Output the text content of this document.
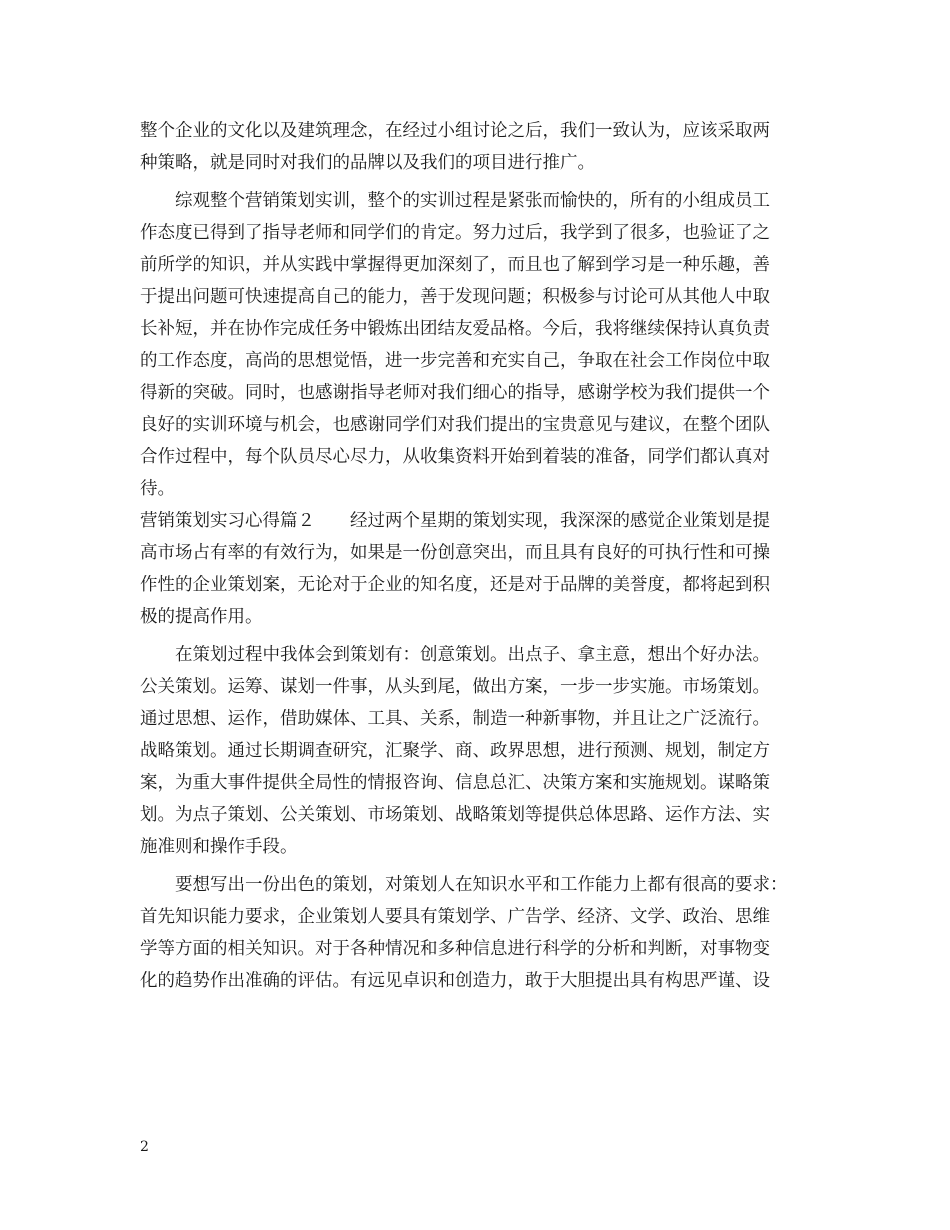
整个企业的文化以及建筑理念，在经过小组讨论之后，我们一致认为，应该采取两
种策略，就是同时对我们的品牌以及我们的项目进行推广。
　　综观整个营销策划实训，整个的实训过程是紧张而愉快的，所有的小组成员工
作态度已得到了指导老师和同学们的肯定。努力过后，我学到了很多，也验证了之
前所学的知识，并从实践中掌握得更加深刻了，而且也了解到学习是一种乐趣，善
于提出问题可快速提高自己的能力，善于发现问题；积极参与讨论可从其他人中取
长补短，并在协作完成任务中锻炼出团结友爱品格。今后，我将继续保持认真负责
的工作态度，高尚的思想觉悟，进一步完善和充实自己，争取在社会工作岗位中取
得新的突破。同时，也感谢指导老师对我们细心的指导，感谢学校为我们提供一个
良好的实训环境与机会，也感谢同学们对我们提出的宝贵意见与建议，在整个团队
合作过程中，每个队员尽心尽力，从收集资料开始到着装的准备，同学们都认真对
待。
营销策划实习心得篇２　　经过两个星期的策划实现，我深深的感觉企业策划是提
高市场占有率的有效行为，如果是一份创意突出，而且具有良好的可执行性和可操
作性的企业策划案，无论对于企业的知名度，还是对于品牌的美誉度，都将起到积
极的提高作用。
　　在策划过程中我体会到策划有：创意策划。出点子、拿主意，想出个好办法。
公关策划。运筹、谋划一件事，从头到尾，做出方案，一步一步实施。市场策划。
通过思想、运作，借助媒体、工具、关系，制造一种新事物，并且让之广泛流行。
战略策划。通过长期调查研究，汇聚学、商、政界思想，进行预测、规划，制定方
案，为重大事件提供全局性的情报咨询、信息总汇、决策方案和实施规划。谋略策
划。为点子策划、公关策划、市场策划、战略策划等提供总体思路、运作方法、实
施准则和操作手段。
　　要想写出一份出色的策划，对策划人在知识水平和工作能力上都有很高的要求：
首先知识能力要求，企业策划人要具有策划学、广告学、经济、文学、政治、思维
学等方面的相关知识。对于各种情况和多种信息进行科学的分析和判断，对事物变
化的趋势作出准确的评估。有远见卓识和创造力，敢于大胆提出具有构思严谨、设
2
